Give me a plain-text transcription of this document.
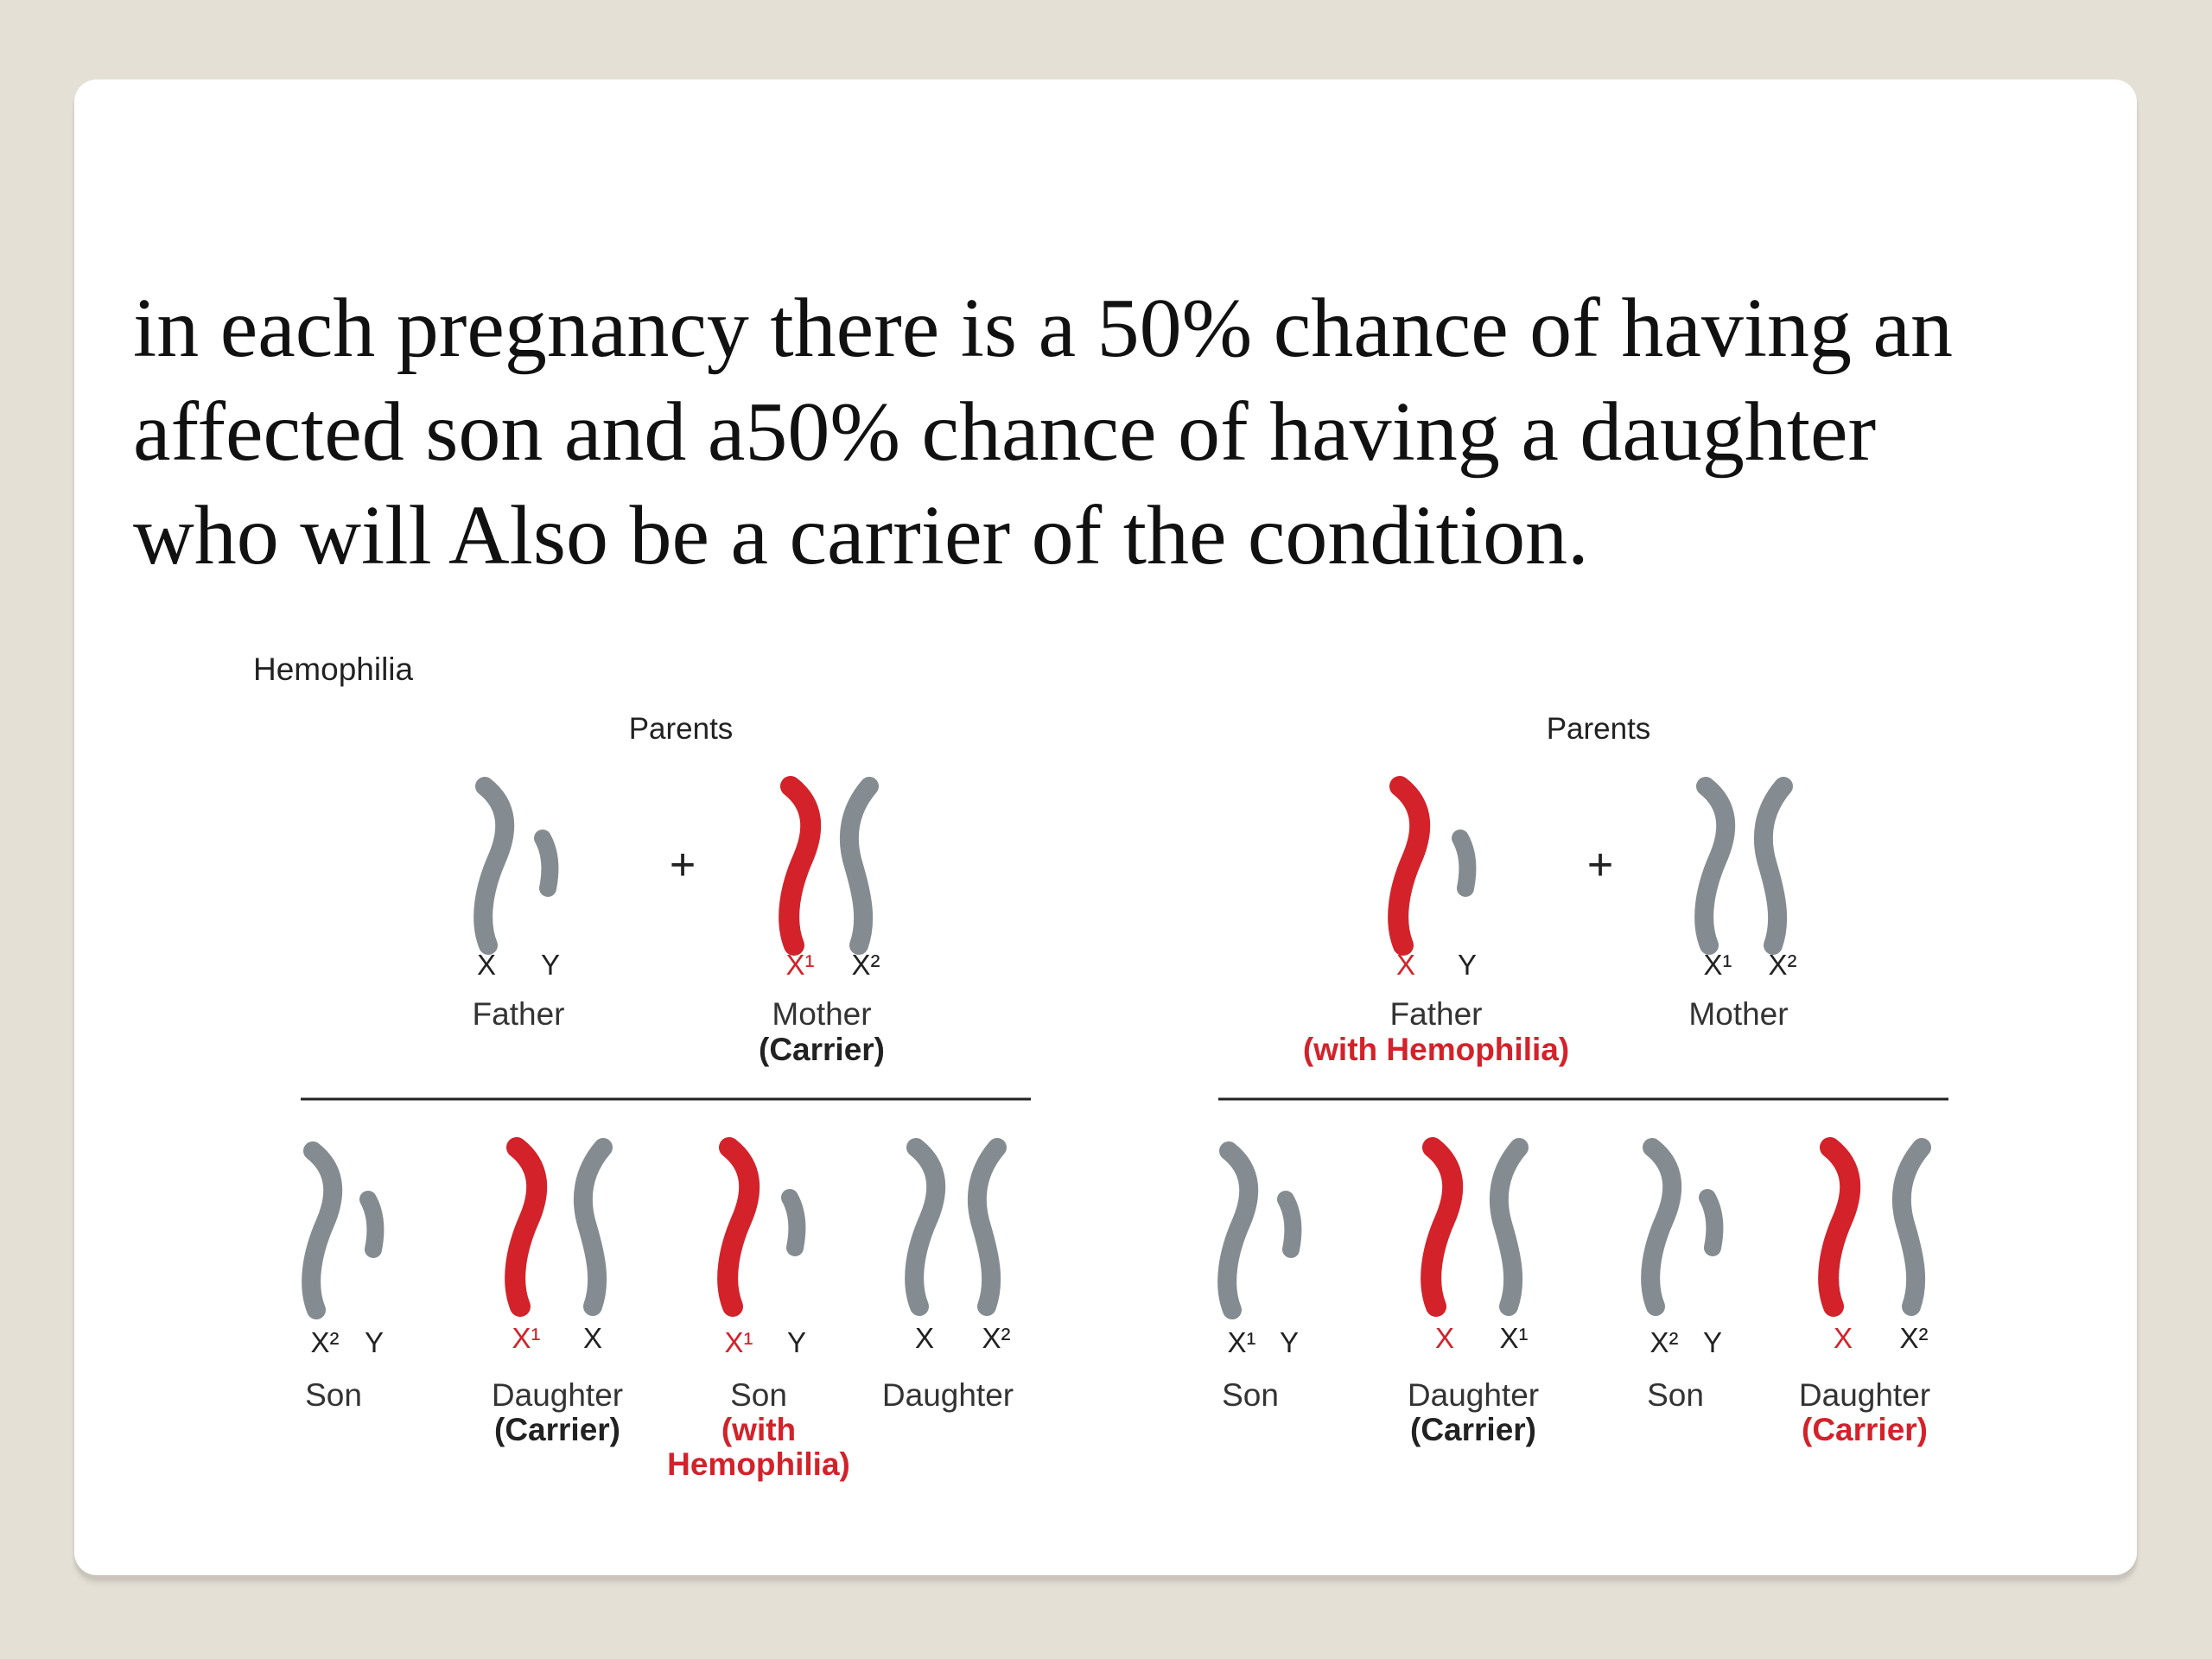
in each pregnancy there is a 50% chance of having an
affected son and a50% chance of having a daughter
who will Also be a carrier of the condition.

Hemophilia
Parents
X Y
Father
+
X¹ X²
Mother
(Carrier)
X² Y
Son
X¹ X
Daughter
(Carrier)
X¹ Y
Son
(with
Hemophilia)
X X²
Daughter
Parents
X Y
Father
(with Hemophilia)
+
X¹ X²
Mother
X¹ Y
Son
X X¹
Daughter
(Carrier)
X² Y
Son
X X²
Daughter
(Carrier)
